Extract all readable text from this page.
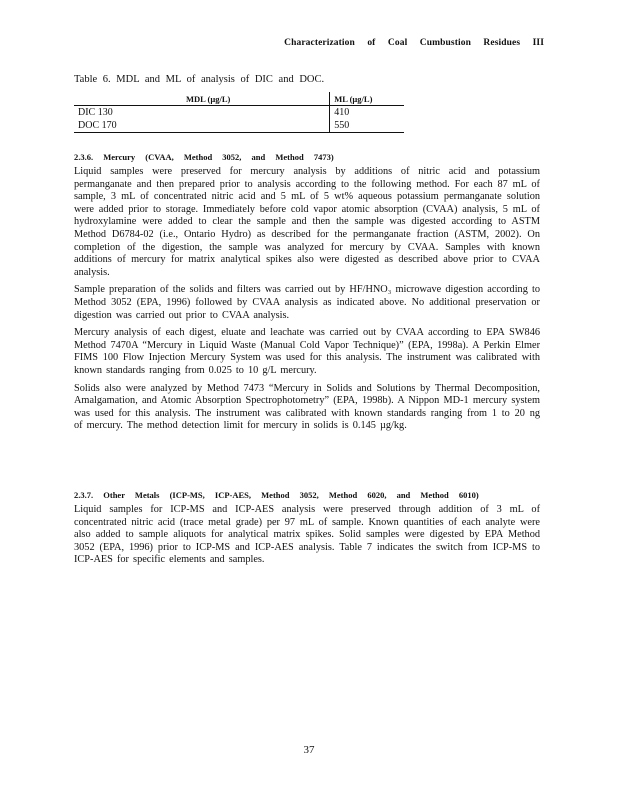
Characterization of Coal Cumbustion Residues III
Table 6. MDL and ML of analysis of DIC and DOC.
MDL (µg/L)	ML (µg/L)
DIC 130	410
DOC 170	550
2.3.6. Mercury (CVAA, Method 3052, and Method 7473)

Liquid samples were preserved for mercury analysis by additions of nitric acid and potassium permanganate and then prepared prior to analysis according to the following method. For each 87 mL of sample, 3 mL of concentrated nitric acid and 5 mL of 5 wt% aqueous potassium permanganate solution were added prior to storage. Immediately before cold vapor atomic absorption (CVAA) analysis, 5 mL of hydroxylamine were added to clear the sample and then the sample was digested according to ASTM Method D6784-02 (i.e., Ontario Hydro) as described for the permanganate fraction (ASTM, 2002). On completion of the digestion, the sample was analyzed for mercury by CVAA. Samples with known additions of mercury for matrix analytical spikes also were digested as described above prior to CVAA analysis.

Sample preparation of the solids and filters was carried out by HF/HNO₃ microwave digestion according to Method 3052 (EPA, 1996) followed by CVAA analysis as indicated above. No additional preservation or digestion was carried out prior to CVAA analysis.

Mercury analysis of each digest, eluate and leachate was carried out by CVAA according to EPA SW846 Method 7470A “Mercury in Liquid Waste (Manual Cold Vapor Technique)” (EPA, 1998a). A Perkin Elmer FIMS 100 Flow Injection Mercury System was used for this analysis. The instrument was calibrated with known standards ranging from 0.025 to 10 g/L mercury.

Solids also were analyzed by Method 7473 “Mercury in Solids and Solutions by Thermal Decomposition, Amalgamation, and Atomic Absorption Spectrophotometry” (EPA, 1998b). A Nippon MD-1 mercury system was used for this analysis. The instrument was calibrated with known standards ranging from 1 to 20 ng of mercury. The method detection limit for mercury in solids is 0.145 µg/kg.

2.3.7. Other Metals (ICP-MS, ICP-AES, Method 3052, Method 6020, and Method 6010)

Liquid samples for ICP-MS and ICP-AES analysis were preserved through addition of 3 mL of concentrated nitric acid (trace metal grade) per 97 mL of sample. Known quantities of each analyte were also added to sample aliquots for analytical matrix spikes. Solid samples were digested by EPA Method 3052 (EPA, 1996) prior to ICP-MS and ICP-AES analysis. Table 7 indicates the switch from ICP-MS to ICP-AES for specific elements and samples.

37
